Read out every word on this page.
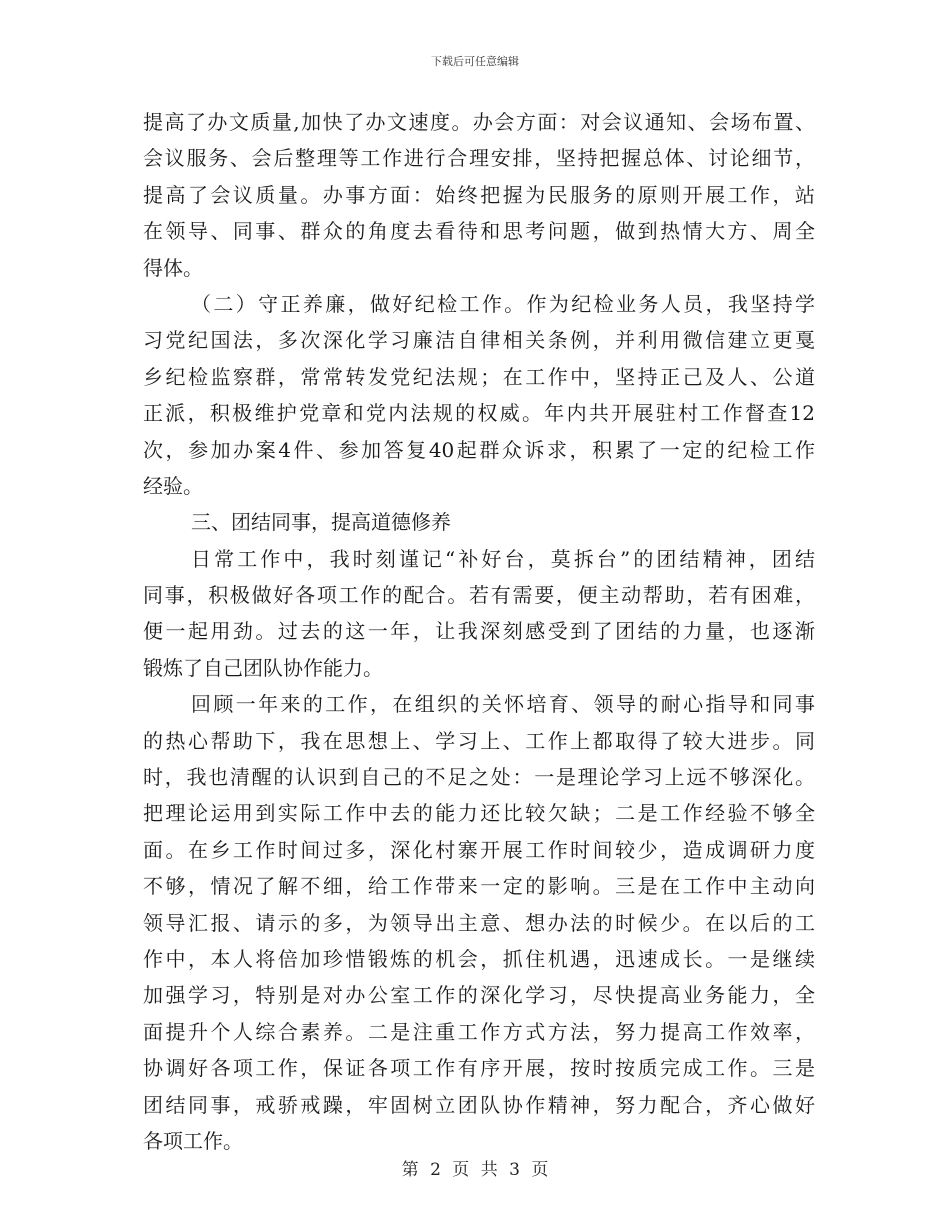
下载后可任意编辑
提高了办文质量,加快了办文速度。办会方面：对会议通知、会场布置、
会议服务、会后整理等工作进行合理安排，坚持把握总体、讨论细节，
提高了会议质量。办事方面：始终把握为民服务的原则开展工作，站
在领导、同事、群众的角度去看待和思考问题，做到热情大方、周全
得体。
（二）守正养廉，做好纪检工作。作为纪检业务人员，我坚持学
习党纪国法，多次深化学习廉洁自律相关条例，并利用微信建立更戛
乡纪检监察群，常常转发党纪法规；在工作中，坚持正己及人、公道
正派，积极维护党章和党内法规的权威。年内共开展驻村工作督查12
次，参加办案4件、参加答复40起群众诉求，积累了一定的纪检工作
经验。
三、团结同事，提高道德修养
日常工作中，我时刻谨记“补好台，莫拆台”的团结精神，团结
同事，积极做好各项工作的配合。若有需要，便主动帮助，若有困难，
便一起用劲。过去的这一年，让我深刻感受到了团结的力量，也逐渐
锻炼了自己团队协作能力。
回顾一年来的工作，在组织的关怀培育、领导的耐心指导和同事
的热心帮助下，我在思想上、学习上、工作上都取得了较大进步。同
时，我也清醒的认识到自己的不足之处：一是理论学习上远不够深化。
把理论运用到实际工作中去的能力还比较欠缺；二是工作经验不够全
面。在乡工作时间过多，深化村寨开展工作时间较少，造成调研力度
不够，情况了解不细，给工作带来一定的影响。三是在工作中主动向
领导汇报、请示的多，为领导出主意、想办法的时候少。在以后的工
作中，本人将倍加珍惜锻炼的机会，抓住机遇，迅速成长。一是继续
加强学习，特别是对办公室工作的深化学习，尽快提高业务能力，全
面提升个人综合素养。二是注重工作方式方法，努力提高工作效率，
协调好各项工作，保证各项工作有序开展，按时按质完成工作。三是
团结同事，戒骄戒躁，牢固树立团队协作精神，努力配合，齐心做好
各项工作。
第 2 页 共 3 页
